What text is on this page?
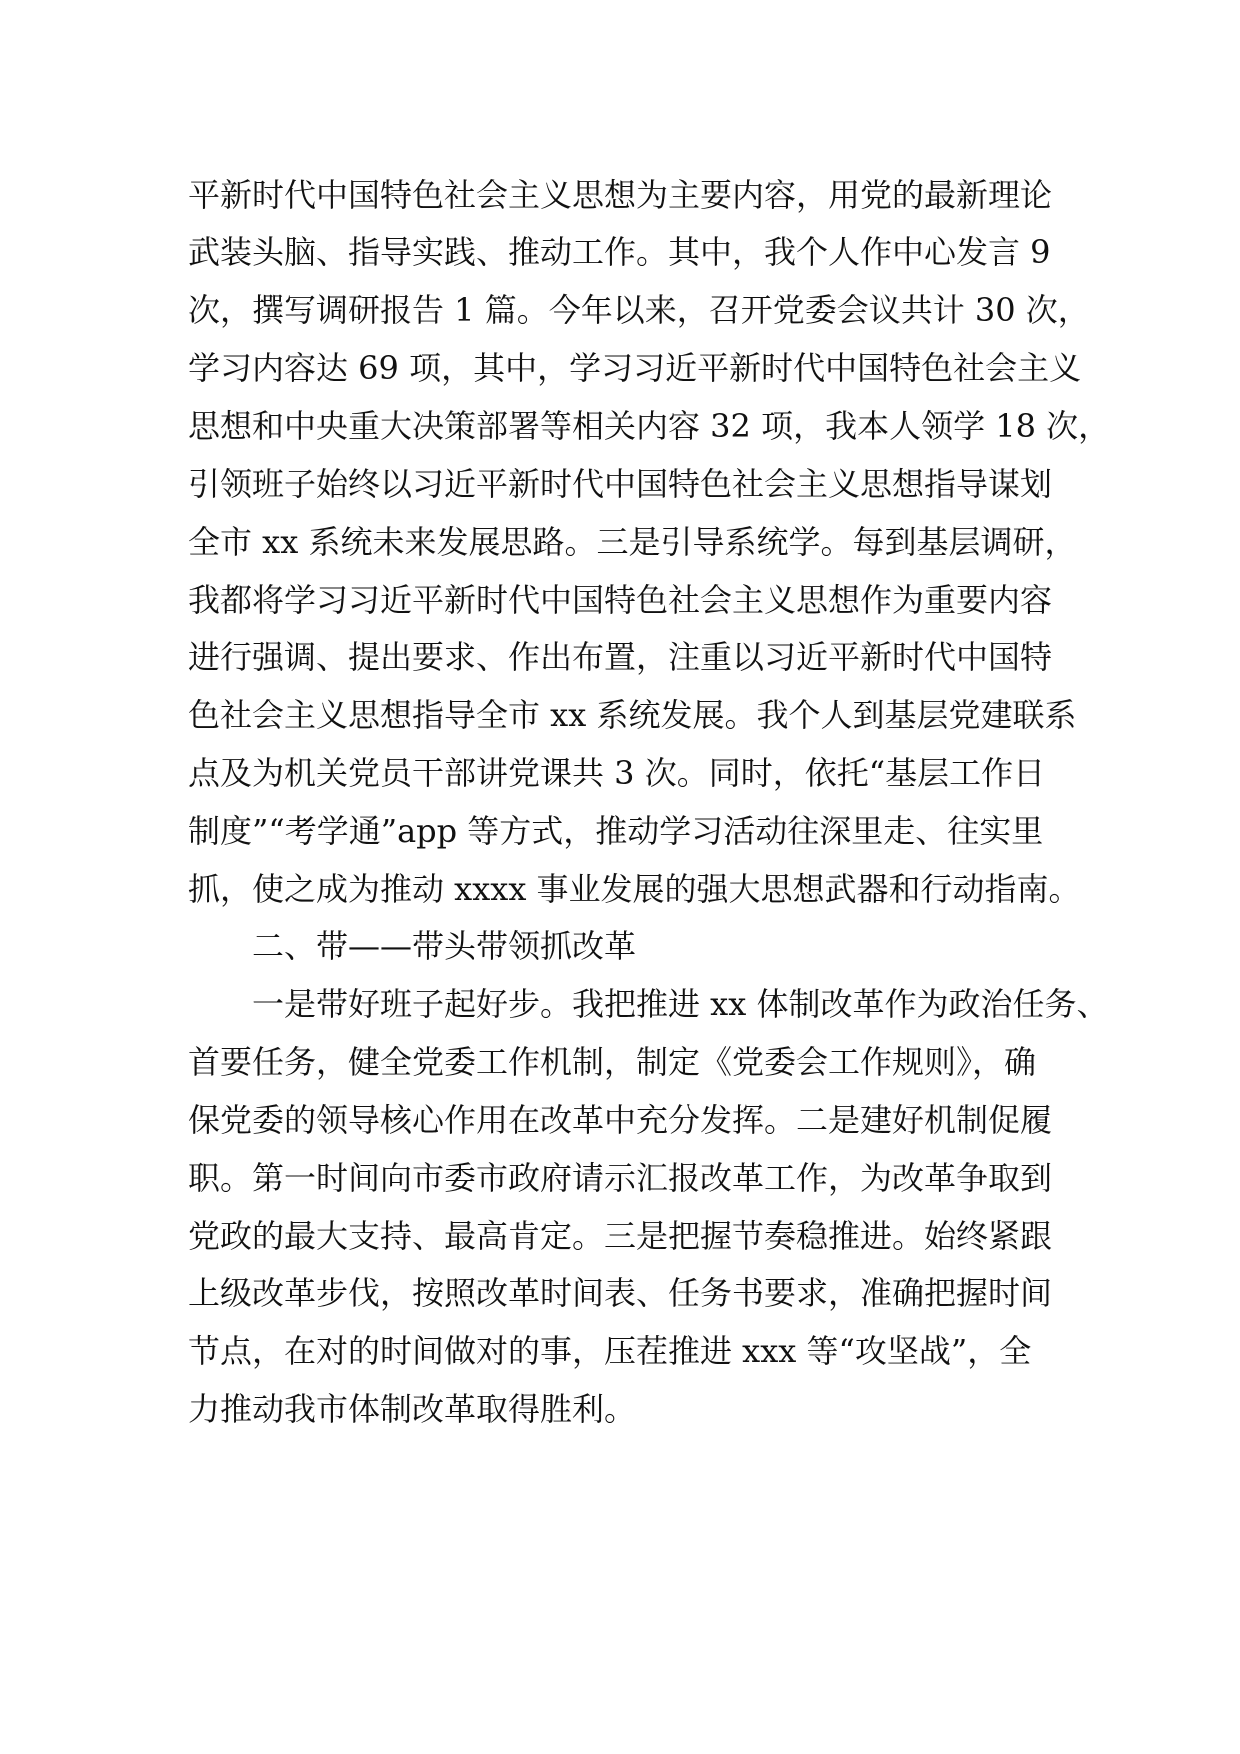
平新时代中国特色社会主义思想为主要内容，用党的最新理论
武装头脑、指导实践、推动工作。其中，我个人作中心发言 9
次，撰写调研报告 1 篇。今年以来，召开党委会议共计 30 次，
学习内容达 69 项，其中，学习习近平新时代中国特色社会主义
思想和中央重大决策部署等相关内容 32 项，我本人领学 18 次，
引领班子始终以习近平新时代中国特色社会主义思想指导谋划
全市 xx 系统未来发展思路。三是引导系统学。每到基层调研，
我都将学习习近平新时代中国特色社会主义思想作为重要内容
进行强调、提出要求、作出布置，注重以习近平新时代中国特
色社会主义思想指导全市 xx 系统发展。我个人到基层党建联系
点及为机关党员干部讲党课共 3 次。同时，依托“基层工作日
制度”“考学通”app 等方式，推动学习活动往深里走、往实里
抓，使之成为推动 xxxx 事业发展的强大思想武器和行动指南。
二、带——带头带领抓改革
一是带好班子起好步。我把推进 xx 体制改革作为政治任务、
首要任务，健全党委工作机制，制定《党委会工作规则》，确
保党委的领导核心作用在改革中充分发挥。二是建好机制促履
职。第一时间向市委市政府请示汇报改革工作，为改革争取到
党政的最大支持、最高肯定。三是把握节奏稳推进。始终紧跟
上级改革步伐，按照改革时间表、任务书要求，准确把握时间
节点，在对的时间做对的事，压茬推进 xxx 等“攻坚战”，全
力推动我市体制改革取得胜利。
